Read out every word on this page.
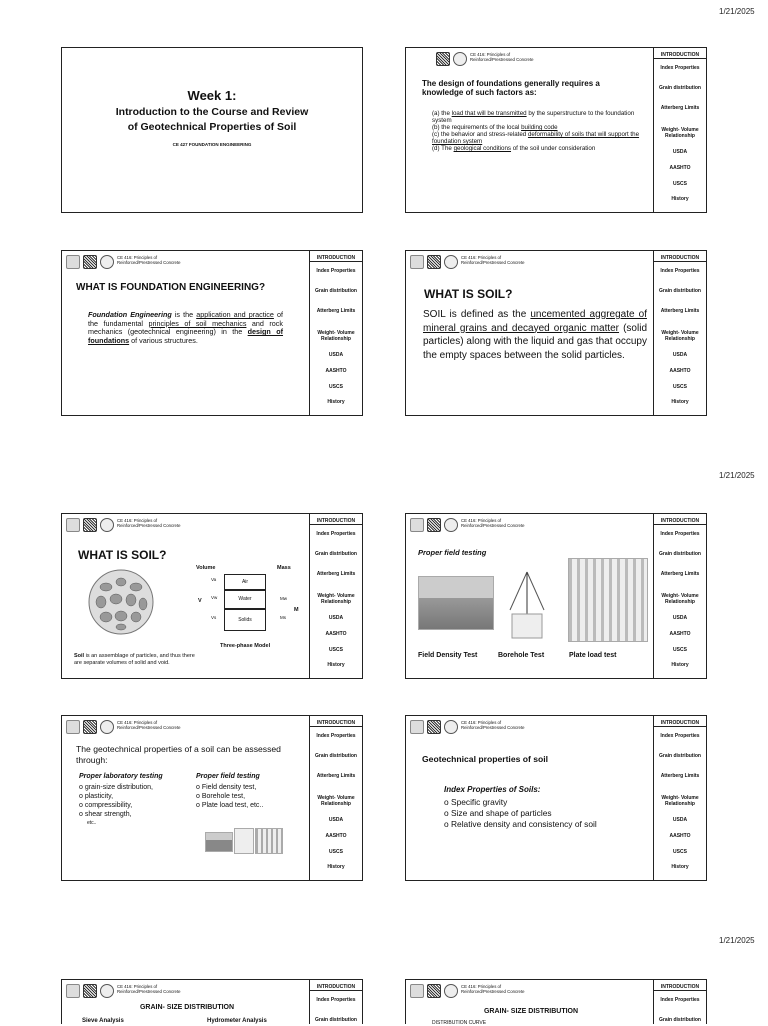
1/21/2025
1/21/2025
1/21/2025
Week 1:
Introduction to the Course and Review
of Geotechnical Properties of Soil
CE 427 FOUNDATION ENGINEERING
CE 416: Principles of Reinforced/Prestressed Concrete
INTRODUCTION
Index Properties
Grain distribution
Atterberg Limits
Weight- Volume Relationship
USDA
AASHTO
USCS
History
The design of foundations generally requires a knowledge of such factors as:
(a) the load that will be transmitted by the superstructure to the foundation system
(b) the requirements of the local building code
(c) the behavior and stress-related deformability of soils that will support the foundation system
(d) The geological conditions of the soil under consideration
CE 416: Principles of Reinforced/Prestressed Concrete
INTRODUCTION
Index Properties
Grain distribution
Atterberg Limits
Weight- Volume Relationship
USDA
AASHTO
USCS
History
WHAT IS FOUNDATION ENGINEERING?
Foundation Engineering is the application and practice of the fundamental principles of soil mechanics and rock mechanics (geotechnical engineering) in the design of foundations of various structures.
CE 416: Principles of Reinforced/Prestressed Concrete
INTRODUCTION
Index Properties
Grain distribution
Atterberg Limits
Weight- Volume Relationship
USDA
AASHTO
USCS
History
WHAT IS SOIL?
SOIL is defined as the uncemented aggregate of mineral grains and decayed organic matter (solid particles) along with the liquid and gas that occupy the empty spaces between the solid particles.
CE 416: Principles of Reinforced/Prestressed Concrete
INTRODUCTION
Index Properties
Grain distribution
Atterberg Limits
Weight- Volume Relationship
USDA
AASHTO
USCS
History
WHAT IS SOIL?
Volume	Mass
Air
Water
Solids
Va
Vw
Vs
V	Mw
Ms
M
Three-phase Model
Soil is an assemblage of particles, and thus there are separate volumes of solid and void.
CE 416: Principles of Reinforced/Prestressed Concrete
INTRODUCTION
Index Properties
Grain distribution
Atterberg Limits
Weight- Volume Relationship
USDA
AASHTO
USCS
History
Proper field testing
Field Density Test	Borehole Test	Plate load test
CE 416: Principles of Reinforced/Prestressed Concrete
INTRODUCTION
Index Properties
Grain distribution
Atterberg Limits
Weight- Volume Relationship
USDA
AASHTO
USCS
History
The geotechnical properties of a soil can be assessed through:
Proper laboratory testing
o grain-size distribution,
o plasticity,
o compressibility,
o shear strength,
etc..
Proper field testing
o Field density test,
o Borehole test,
o Plate load test, etc..
CE 416: Principles of Reinforced/Prestressed Concrete
INTRODUCTION
Index Properties
Grain distribution
Atterberg Limits
Weight- Volume Relationship
USDA
AASHTO
USCS
History
Geotechnical properties of soil
Index Properties of Soils:
o Specific gravity
o Size and shape of particles
o Relative density and consistency of soil
CE 416: Principles of Reinforced/Prestressed Concrete
INTRODUCTION
Index Properties
Grain distribution
GRAIN- SIZE DISTRIBUTION
Sieve Analysis	Hydrometer Analysis
CE 416: Principles of Reinforced/Prestressed Concrete
INTRODUCTION
Index Properties
Grain distribution
GRAIN- SIZE DISTRIBUTION
DISTRIBUTION CURVE
